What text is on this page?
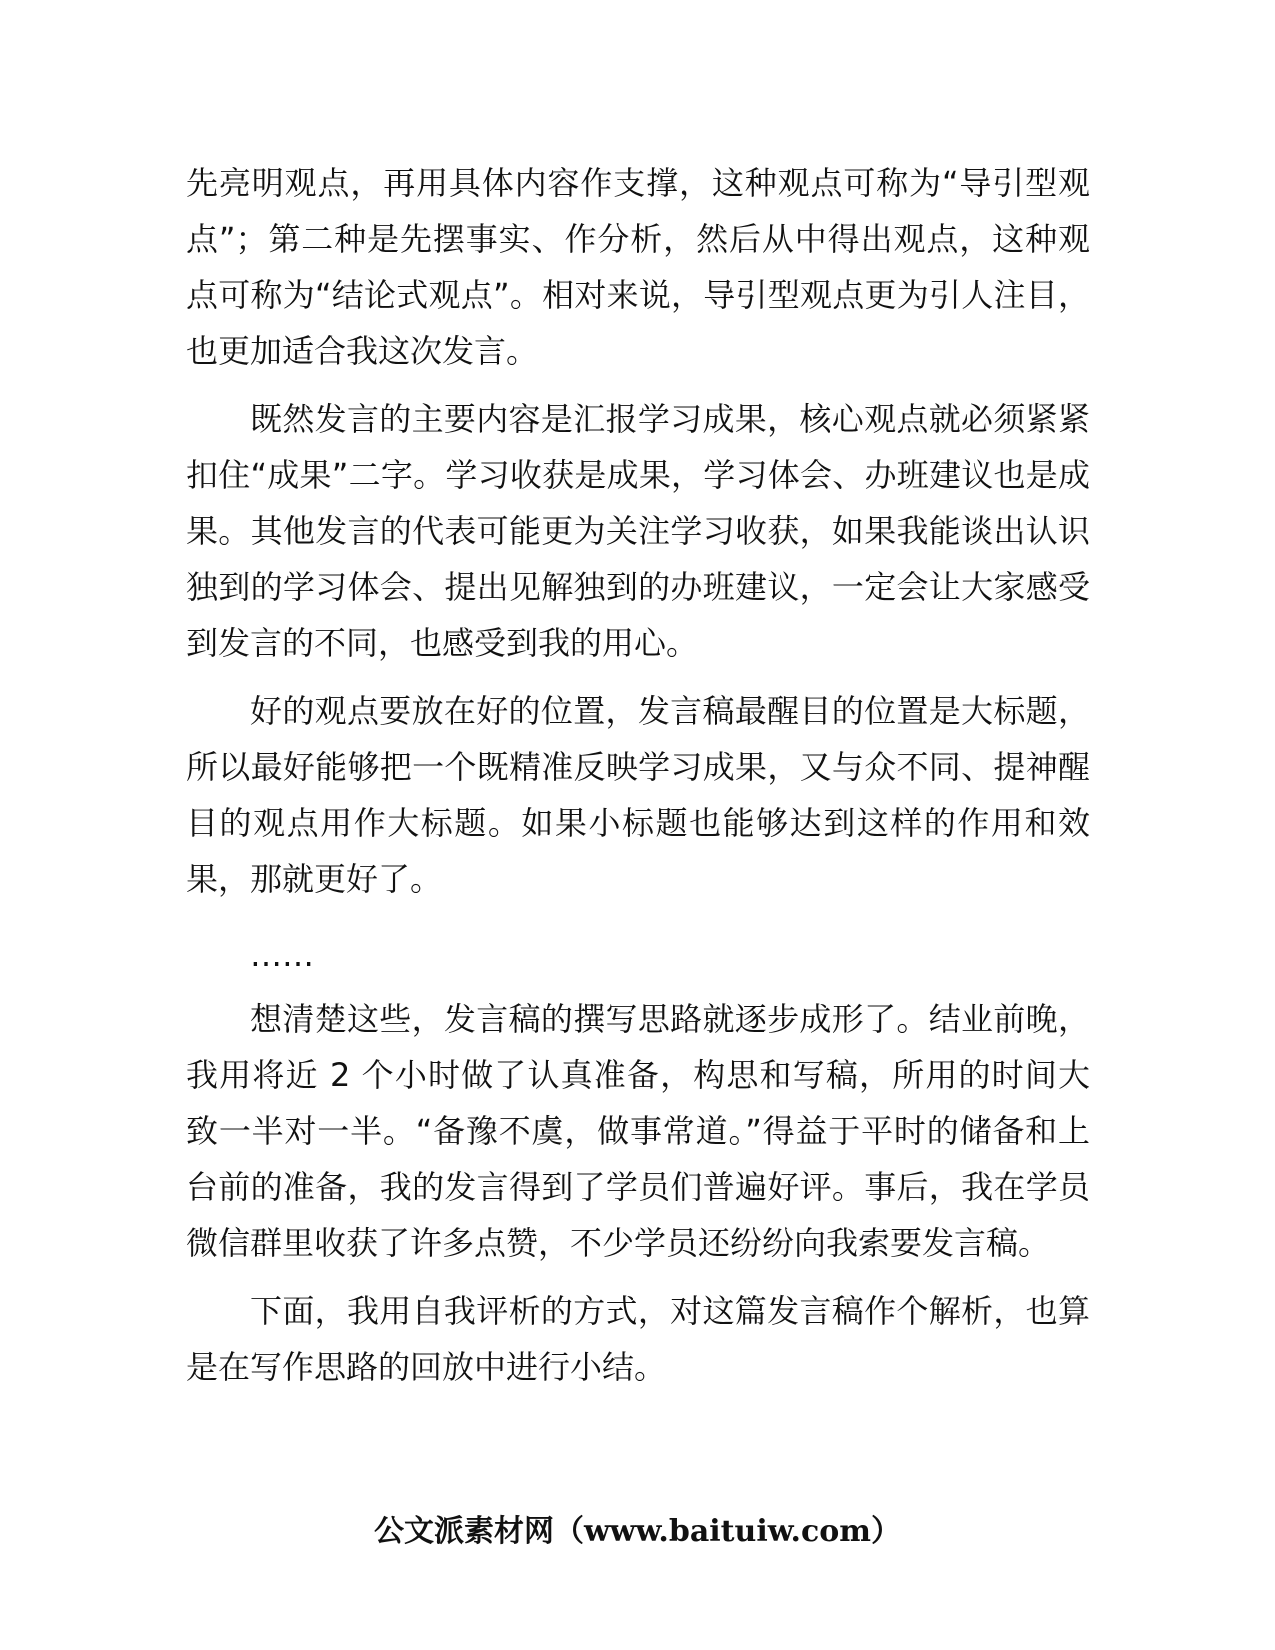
先亮明观点，再用具体内容作支撑，这种观点可称为“导引型观点”；第二种是先摆事实、作分析，然后从中得出观点，这种观点可称为“结论式观点”。相对来说，导引型观点更为引人注目，也更加适合我这次发言。

既然发言的主要内容是汇报学习成果，核心观点就必须紧紧扣住“成果”二字。学习收获是成果，学习体会、办班建议也是成果。其他发言的代表可能更为关注学习收获，如果我能谈出认识独到的学习体会、提出见解独到的办班建议，一定会让大家感受到发言的不同，也感受到我的用心。

好的观点要放在好的位置，发言稿最醒目的位置是大标题，所以最好能够把一个既精准反映学习成果，又与众不同、提神醒目的观点用作大标题。如果小标题也能够达到这样的作用和效果，那就更好了。

……

想清楚这些，发言稿的撰写思路就逐步成形了。结业前晚，我用将近 2 个小时做了认真准备，构思和写稿，所用的时间大致一半对一半。“备豫不虞，做事常道。”得益于平时的储备和上台前的准备，我的发言得到了学员们普遍好评。事后，我在学员微信群里收获了许多点赞，不少学员还纷纷向我索要发言稿。

下面，我用自我评析的方式，对这篇发言稿作个解析，也算是在写作思路的回放中进行小结。

公文派素材网（www.baituiw.com）
